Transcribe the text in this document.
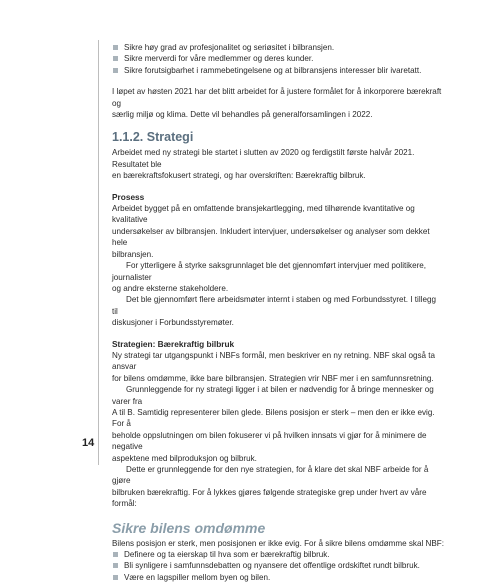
14
Sikre høy grad av profesjonalitet og seriøsitet i bilbransjen.
Sikre merverdi for våre medlemmer og deres kunder.
Sikre forutsigbarhet i rammebetingelsene og at bilbransjens interesser blir ivaretatt.

I løpet av høsten 2021 har det blitt arbeidet for å justere formålet for å inkorporere bærekraft og
særlig miljø og klima. Dette vil behandles på generalforsamlingen i 2022.

1.1.2. Strategi

Arbeidet med ny strategi ble startet i slutten av 2020 og ferdigstilt første halvår 2021. Resultatet ble
en bærekraftsfokusert strategi, og har overskriften: Bærekraftig bilbruk.

Prosess

Arbeidet bygget på en omfattende bransjekartlegging, med tilhørende kvantitative og kvalitative
undersøkelser av bilbransjen. Inkludert intervjuer, undersøkelser og analyser som dekket hele
bilbransjen.

For ytterligere å styrke saksgrunnlaget ble det gjennomført intervjuer med politikere, journalister
og andre eksterne stakeholdere.

Det ble gjennomført flere arbeidsmøter internt i staben og med Forbundsstyret. I tillegg til
diskusjoner i Forbundsstyremøter.

Strategien: Bærekraftig bilbruk

Ny strategi tar utgangspunkt i NBFs formål, men beskriver en ny retning. NBF skal også ta ansvar
for bilens omdømme, ikke bare bilbransjen. Strategien vrir NBF mer i en samfunnsretning.

Grunnleggende for ny strategi ligger i at bilen er nødvendig for å bringe mennesker og varer fra
A til B. Samtidig representerer bilen glede. Bilens posisjon er sterk – men den er ikke evig. For å
beholde oppslutningen om bilen fokuserer vi på hvilken innsats vi gjør for å minimere de negative
aspektene med bilproduksjon og bilbruk.

Dette er grunnleggende for den nye strategien, for å klare det skal NBF arbeide for å gjøre
bilbruken bærekraftig. For å lykkes gjøres følgende strategiske grep under hvert av våre formål:

Sikre bilens omdømme

Bilens posisjon er sterk, men posisjonen er ikke evig. For å sikre bilens omdømme skal NBF:

Definere og ta eierskap til hva som er bærekraftig bilbruk.
Bli synligere i samfunnsdebatten og nyansere det offentlige ordskiftet rundt bilbruk.
Være en lagspiller mellom byen og bilen.
